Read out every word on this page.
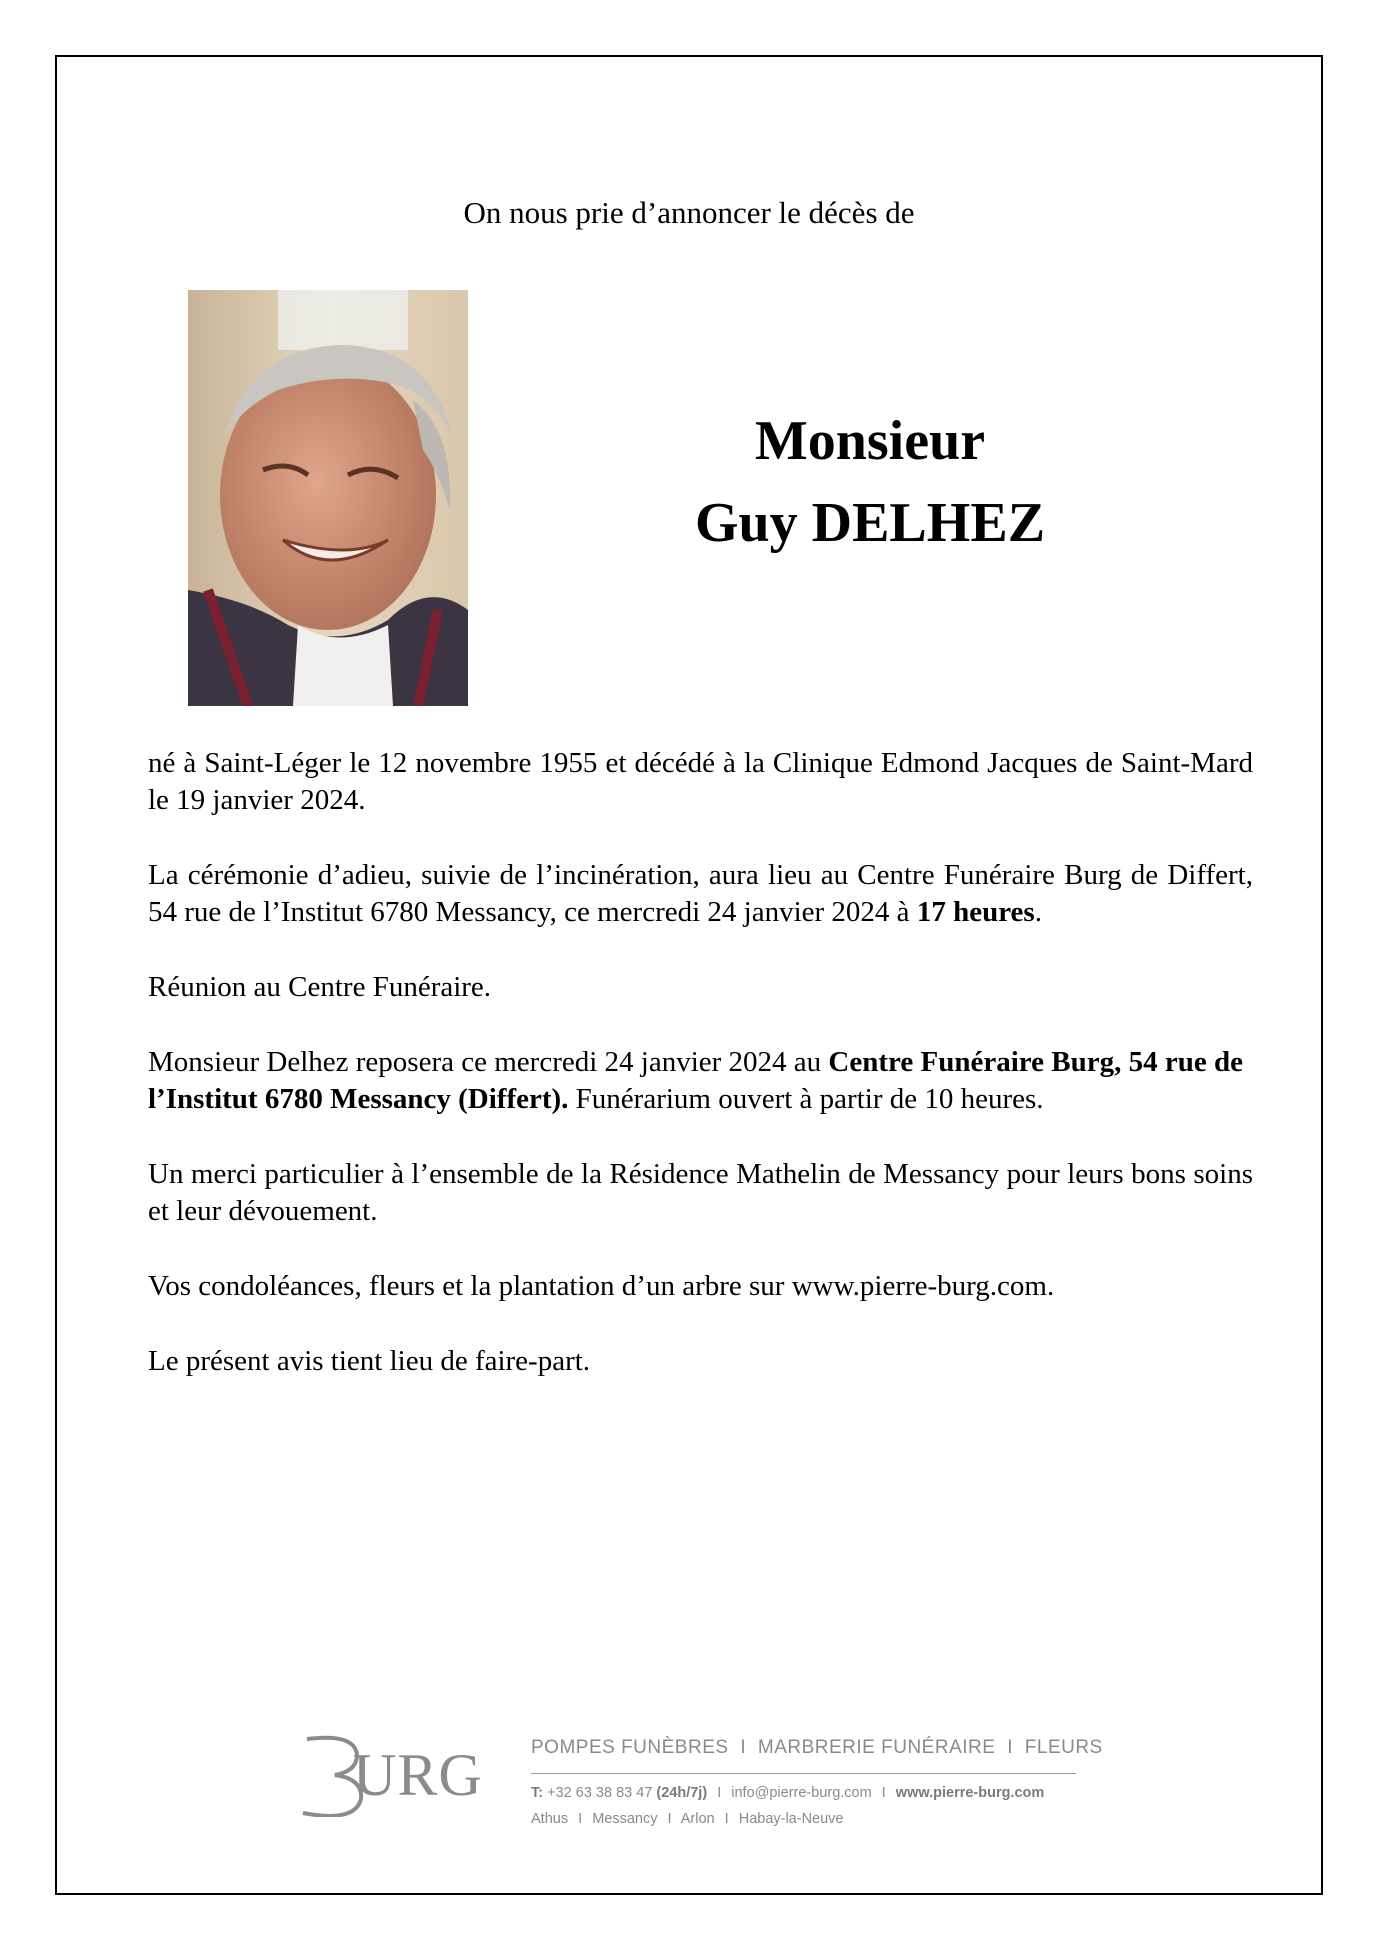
On nous prie d’annoncer le décès de
Monsieur
Guy DELHEZ

né à Saint-Léger le 12 novembre 1955 et décédé à la Clinique Edmond Jacques de Saint-Mard le 19 janvier 2024.

La cérémonie d’adieu, suivie de l’incinération, aura lieu au Centre Funéraire Burg de Differt, 54 rue de l’Institut 6780 Messancy, ce mercredi 24 janvier 2024 à 17 heures.

Réunion au Centre Funéraire.

Monsieur Delhez reposera ce mercredi 24 janvier 2024 au Centre Funéraire Burg, 54 rue de l’Institut 6780 Messancy (Differt). Funérarium ouvert à partir de 10 heures.

Un merci particulier à l’ensemble de la Résidence Mathelin de Messancy pour leurs bons soins et leur dévouement.

Vos condoléances, fleurs et la plantation d’un arbre sur www.pierre-burg.com.

Le présent avis tient lieu de faire-part.

URG	POMPES FUNÈBRES I MARBRERIE FUNÉRAIRE I FLEURS
T: +32 63 38 83 47 (24h/7j) I info@pierre-burg.com I www.pierre-burg.com
Athus I Messancy I Arlon I Habay-la-Neuve
